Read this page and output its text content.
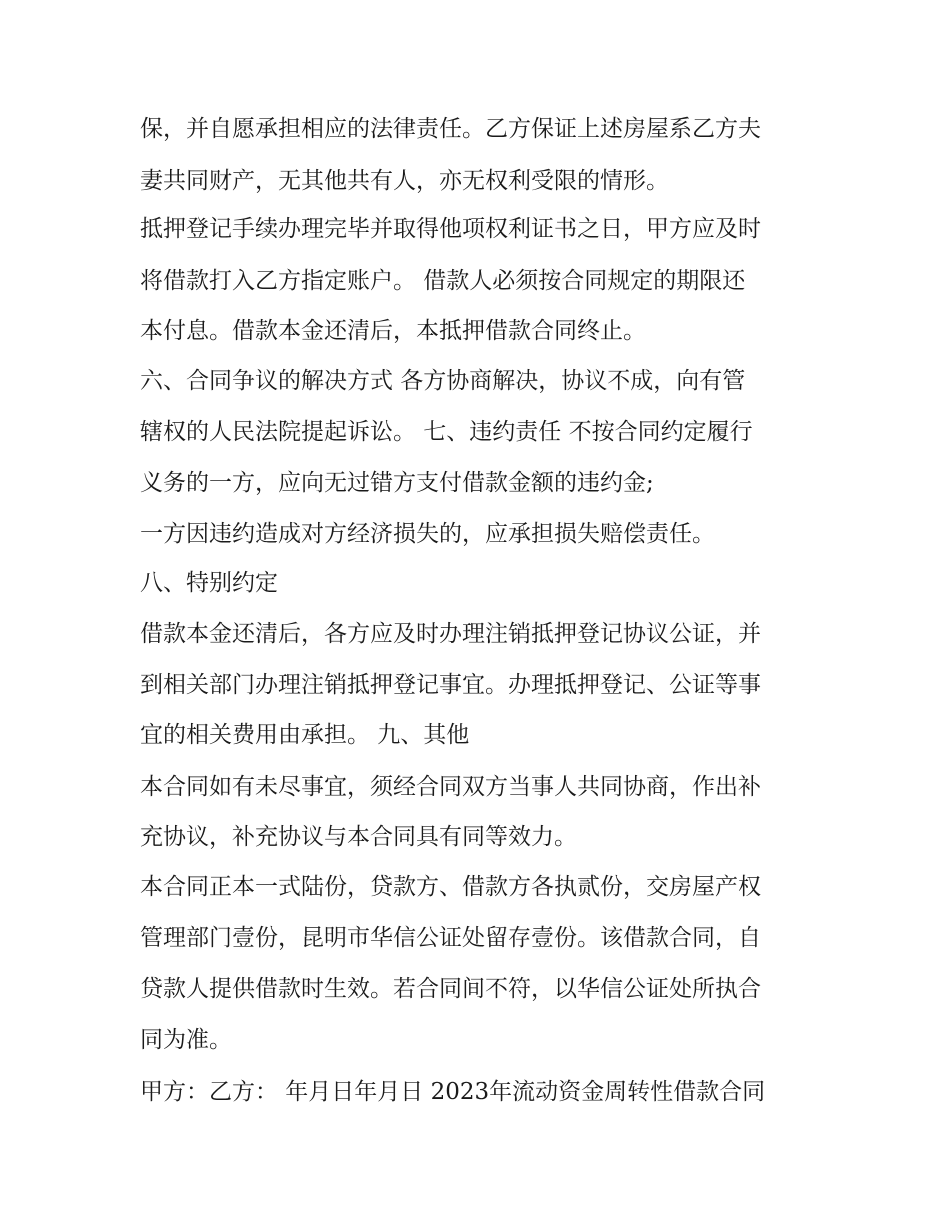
保，并自愿承担相应的法律责任。乙方保证上述房屋系乙方夫
妻共同财产，无其他共有人，亦无权利受限的情形。
抵押登记手续办理完毕并取得他项权利证书之日，甲方应及时
将借款打入乙方指定账户。 借款人必须按合同规定的期限还
本付息。借款本金还清后，本抵押借款合同终止。
六、合同争议的解决方式 各方协商解决，协议不成，向有管
辖权的人民法院提起诉讼。 七、违约责任 不按合同约定履行
义务的一方，应向无过错方支付借款金额的违约金;
一方因违约造成对方经济损失的，应承担损失赔偿责任。
八、特别约定
借款本金还清后，各方应及时办理注销抵押登记协议公证，并
到相关部门办理注销抵押登记事宜。办理抵押登记、公证等事
宜的相关费用由承担。 九、其他
本合同如有未尽事宜，须经合同双方当事人共同协商，作出补
充协议，补充协议与本合同具有同等效力。
本合同正本一式陆份，贷款方、借款方各执贰份，交房屋产权
管理部门壹份，昆明市华信公证处留存壹份。该借款合同，自
贷款人提供借款时生效。若合同间不符，以华信公证处所执合
同为准。
甲方：乙方： 年月日年月日 2023年流动资金周转性借款合同
